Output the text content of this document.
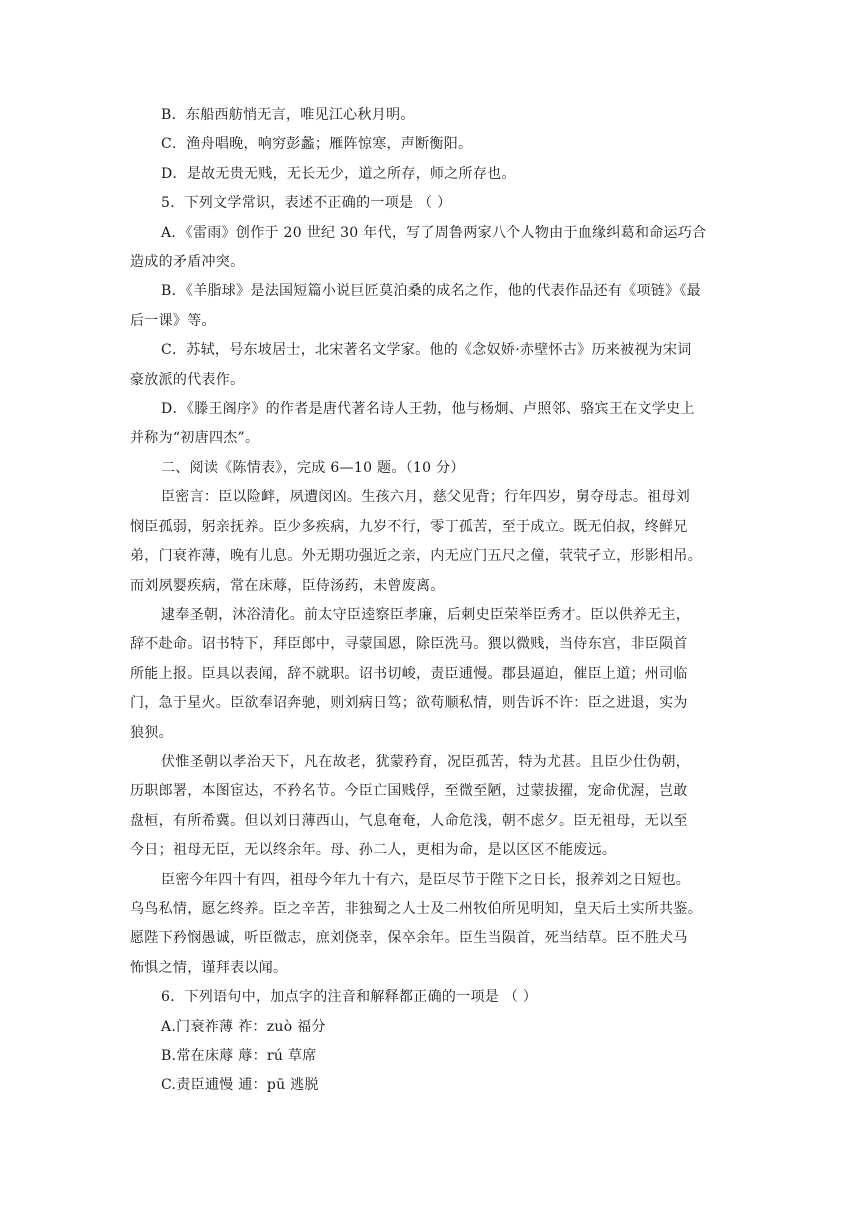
B．东船西舫悄无言，唯见江心秋月明。
C．渔舟唱晚，响穷彭蠡；雁阵惊寒，声断衡阳。
D．是故无贵无贱，无长无少，道之所存，师之所存也。
5．下列文学常识，表述不正确的一项是 （ ）
A．《雷雨》创作于 20 世纪 30 年代，写了周鲁两家八个人物由于血缘纠葛和命运巧合
造成的矛盾冲突。
B．《羊脂球》是法国短篇小说巨匠莫泊桑的成名之作，他的代表作品还有《项链》《最
后一课》等。
C．苏轼，号东坡居士，北宋著名文学家。他的《念奴娇·赤壁怀古》历来被视为宋词
豪放派的代表作。
D．《滕王阁序》的作者是唐代著名诗人王勃，他与杨炯、卢照邻、骆宾王在文学史上
并称为“初唐四杰”。
二、阅读《陈情表》，完成 6—10 题。（10 分）
臣密言：臣以险衅，夙遭闵凶。生孩六月，慈父见背；行年四岁，舅夺母志。祖母刘
悯臣孤弱，躬亲抚养。臣少多疾病，九岁不行，零丁孤苦，至于成立。既无伯叔，终鲜兄
弟，门衰祚薄，晚有儿息。外无期功强近之亲，内无应门五尺之僮，茕茕孑立，形影相吊。
而刘夙婴疾病，常在床蓐，臣侍汤药，未曾废离。
逮奉圣朝，沐浴清化。前太守臣逵察臣孝廉，后刺史臣荣举臣秀才。臣以供养无主，
辞不赴命。诏书特下，拜臣郎中，寻蒙国恩，除臣洗马。猥以微贱，当侍东宫，非臣陨首
所能上报。臣具以表闻，辞不就职。诏书切峻，责臣逋慢。郡县逼迫，催臣上道；州司临
门，急于星火。臣欲奉诏奔驰，则刘病日笃；欲苟顺私情，则告诉不许：臣之进退，实为
狼狈。
伏惟圣朝以孝治天下，凡在故老，犹蒙矜育，况臣孤苦，特为尤甚。且臣少仕伪朝，
历职郎署，本图宦达，不矜名节。今臣亡国贱俘，至微至陋，过蒙拔擢，宠命优渥，岂敢
盘桓，有所希冀。但以刘日薄西山，气息奄奄，人命危浅，朝不虑夕。臣无祖母，无以至
今日；祖母无臣，无以终余年。母、孙二人，更相为命，是以区区不能废远。
臣密今年四十有四，祖母今年九十有六，是臣尽节于陛下之日长，报养刘之日短也。
乌鸟私情，愿乞终养。臣之辛苦，非独蜀之人士及二州牧伯所见明知，皇天后土实所共鉴。
愿陛下矜悯愚诚，听臣微志，庶刘侥幸，保卒余年。臣生当陨首，死当结草。臣不胜犬马
怖惧之情，谨拜表以闻。
6．下列语句中，加点字的注音和解释都正确的一项是 （ ）
A.门衰祚薄 祚：zuò 福分
B.常在床蓐 蓐：rú 草席
C.责臣逋慢 逋：pū 逃脱
